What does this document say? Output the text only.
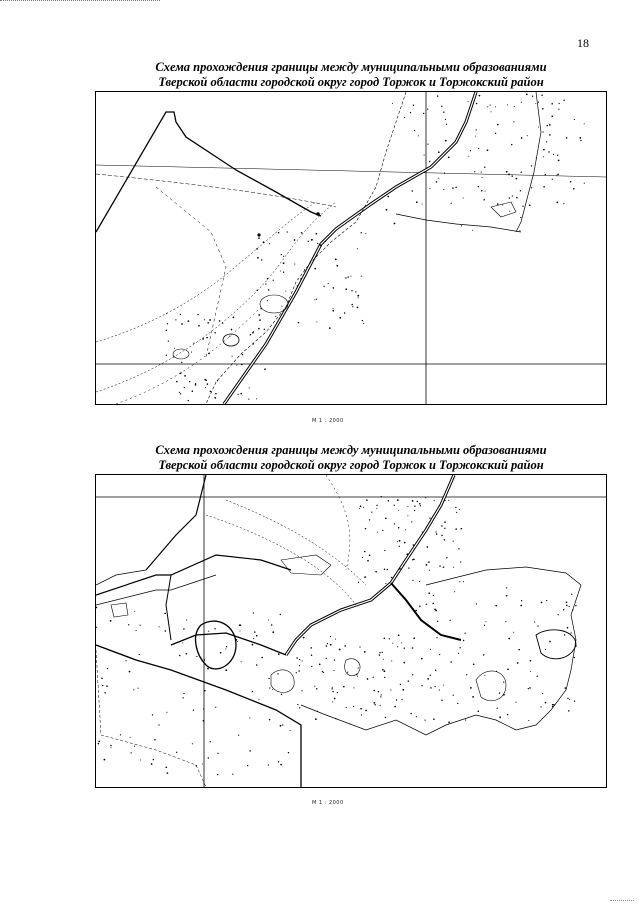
18
Схема прохождения границы между муниципальными образованиями
Тверской области городской округ город Торжок и Торжокский район
М 1 : 2000
Схема прохождения границы между муниципальными образованиями
Тверской области городской округ город Торжок и Торжокский район
М 1 : 2000
